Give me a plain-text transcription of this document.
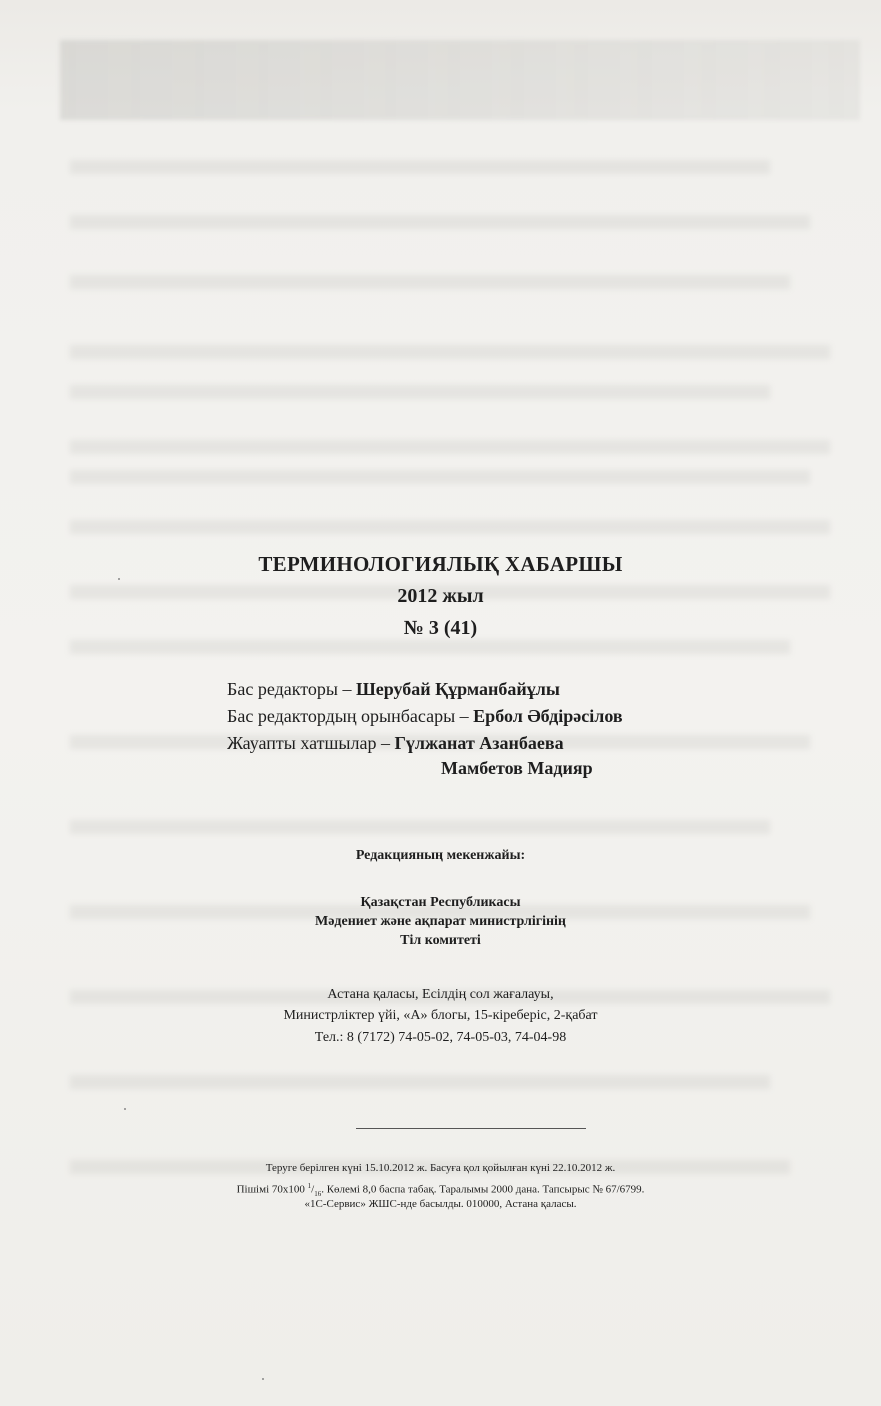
ТЕРМИНОЛОГИЯЛЫҚ ХАБАРШЫ
2012 жыл
№ 3 (41)
Бас редакторы – Шерубай Құрманбайұлы
Бас редактордың орынбасары – Ербол Әбдірәсілов
Жауапты хатшылар – Гүлжанат Азанбаева
Мамбетов Мадияр
Редакцияның мекенжайы:
Қазақстан Республикасы
Мәдениет және ақпарат министрлігінің
Тіл комитеті
Астана қаласы, Есілдің сол жағалауы,
Министрліктер үйі, «А» блогы, 15-кіреберіс, 2-қабат
Тел.: 8 (7172) 74-05-02, 74-05-03, 74-04-98
Теруге берілген күні 15.10.2012 ж. Басуға қол қойылған күні 22.10.2012 ж.
Пішімі 70х100 $^1/_{16}$. Көлемі 8,0 баспа табақ. Таралымы 2000 дана. Тапсырыс № 67/6799.
«1С-Сервис» ЖШС-нде басылды. 010000, Астана қаласы.
